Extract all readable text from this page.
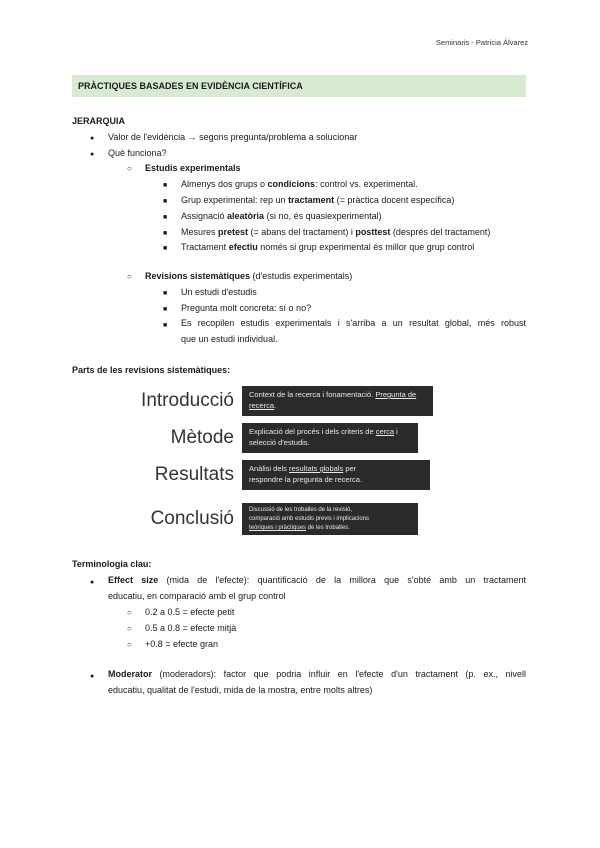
Seminaris - Patricia Álvarez
PRÀCTIQUES BASADES EN EVIDÈNCIA CIENTÍFICA
JERARQUIA
●
Valor de l'evidència → segons pregunta/problema a solucionar
●
Què funciona?
○
Estudis experimentals
■
Almenys dos grups o condicions: control vs. experimental.
■
Grup experimental: rep un tractament (= pràctica docent específica)
■
Assignació aleatòria (si no, és quasiexperimental)
■
Mesures pretest (= abans del tractament) i posttest (després del tractament)
■
Tractament efectiu només si grup experimental és millor que grup control
○
Revisions sistemàtiques (d'estudis experimentals)
■
Un estudi d'estudis
■
Pregunta molt concreta: sí o no?
■
Es recopilen estudis experimentals i s'arriba a un resultat global, més robust
que un estudi individual.
Parts de les revisions sistemàtiques:
Introducció	Context de la recerca i fonamentació. Pregunta de
recerca.
Mètode	Explicació del procés i dels criteris de cerca i
selecció d'estudis.
Resultats	Anàlisi dels resultats globals per
respondre la pregunta de recerca.
Conclusió	Discussió de les troballes de la revisió,
comparació amb estudis previs i implicacions
teòriques i pràctiques de les troballes.
Terminologia clau:
●
Effect size (mida de l'efecte): quantificació de la millora que s'obté amb un tractament
educatiu, en comparació amb el grup control
○
0.2 a 0.5 = efecte petit
○
0.5 a 0.8 = efecte mitjà
○
+0.8 = efecte gran
●
Moderator (moderadors): factor que podria influir en l'efecte d'un tractament (p. ex., nivell
educatiu, qualitat de l'estudi, mida de la mostra, entre molts altres)
